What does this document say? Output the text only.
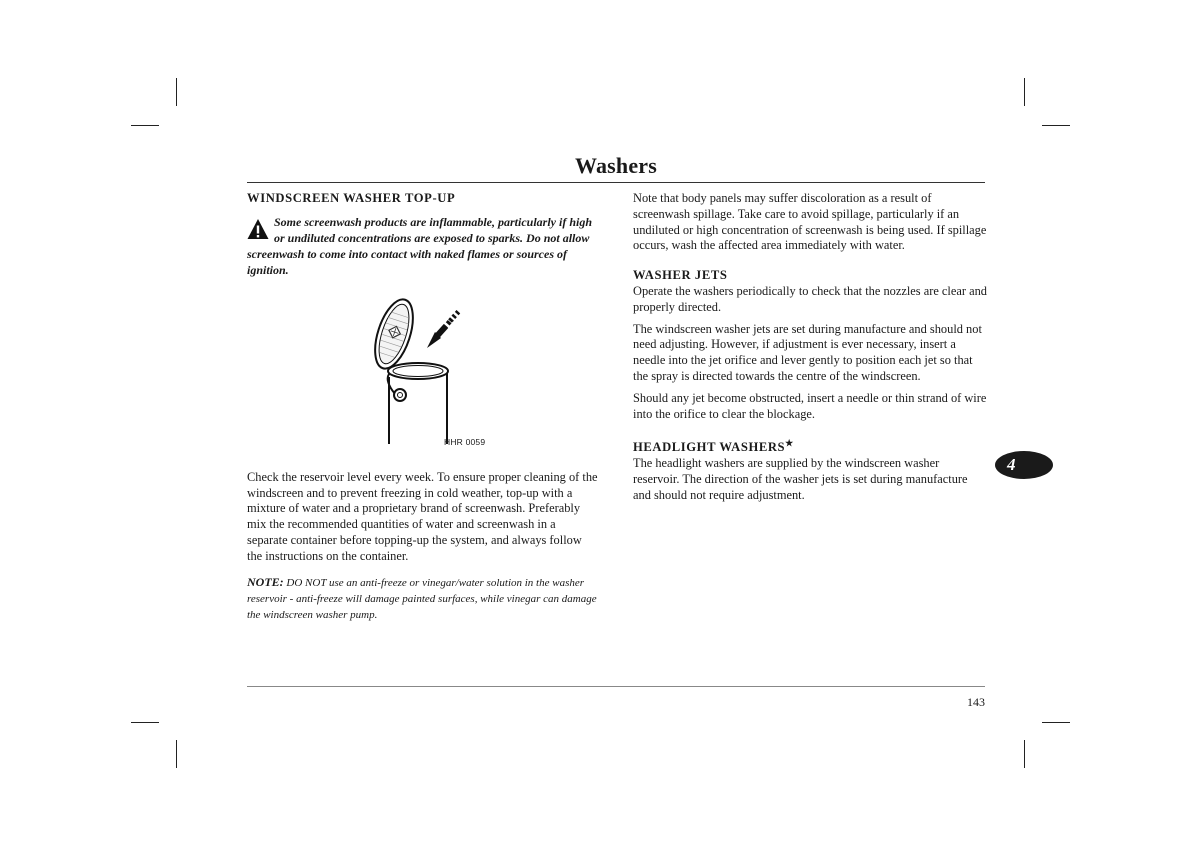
Washers
WINDSCREEN WASHER TOP-UP
Some screenwash products are inflammable, particularly if high or undiluted concentrations are exposed to sparks. Do not allow screenwash to come into contact with naked flames or sources of ignition.
HHR 0059

Check the reservoir level every week. To ensure proper cleaning of the windscreen and to prevent freezing in cold weather, top-up with a mixture of water and a proprietary brand of screenwash. Preferably mix the recommended quantities of water and screenwash in a separate container before topping-up the system, and always follow the instructions on the container.

NOTE: DO NOT use an anti-freeze or vinegar/water solution in the washer reservoir - anti-freeze will damage painted surfaces, while vinegar can damage the windscreen washer pump.

Note that body panels may suffer discoloration as a result of screenwash spillage. Take care to avoid spillage, particularly if an undiluted or high concentration of screenwash is being used. If spillage occurs, wash the affected area immediately with water.

WASHER JETS

Operate the washers periodically to check that the nozzles are clear and properly directed.

The windscreen washer jets are set during manufacture and should not need adjusting. However, if adjustment is ever necessary, insert a needle into the jet orifice and lever gently to position each jet so that the spray is directed towards the centre of the windscreen.

Should any jet become obstructed, insert a needle or thin strand of wire into the orifice to clear the blockage.

HEADLIGHT WASHERS★

The headlight washers are supplied by the windscreen washer reservoir. The direction of the washer jets is set during manufacture and should not require adjustment.

4
143
